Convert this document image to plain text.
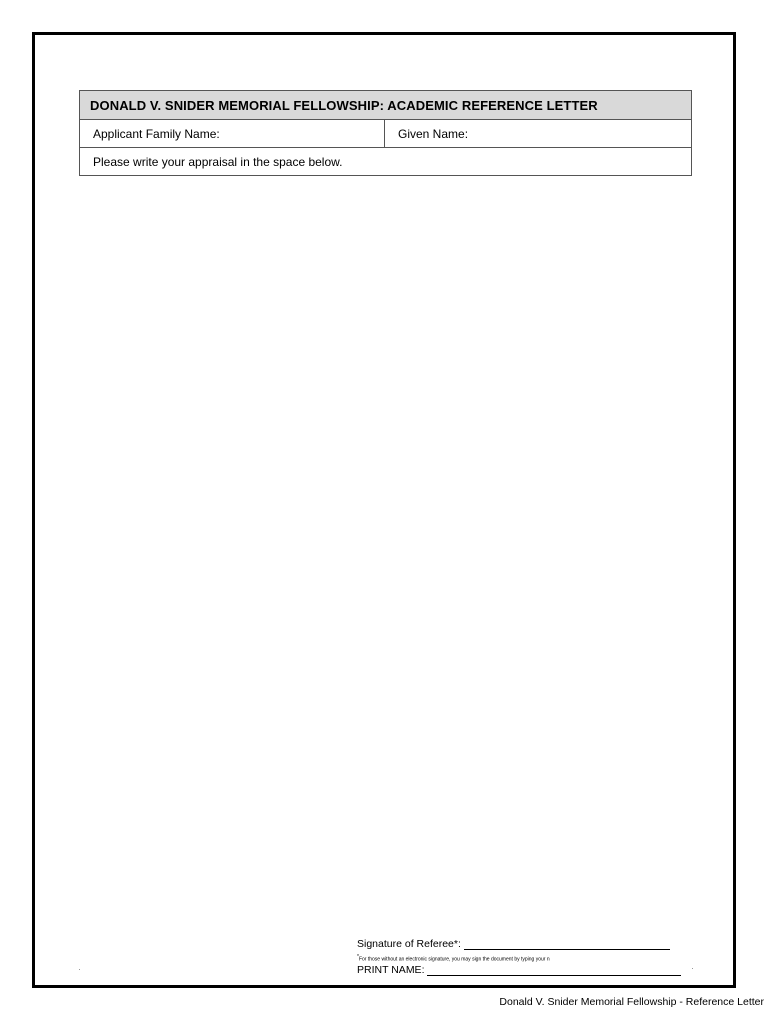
DONALD V. SNIDER MEMORIAL FELLOWSHIP: ACADEMIC REFERENCE LETTER
Applicant Family Name:	Given Name:
Please write your appraisal in the space below.
Signature of Referee*:
*For those without an electronic signature, you may sign the document by typing your n
PRINT NAME:
Donald V. Snider Memorial Fellowship - Reference Letter
